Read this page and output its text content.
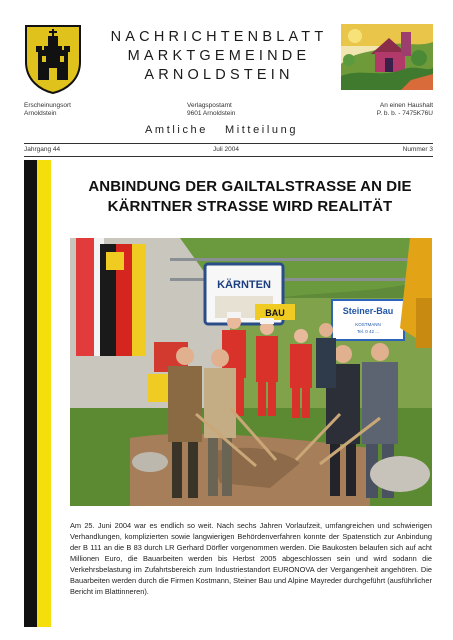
NACHRICHTENBLATT
MARKTGEMEINDE
ARNOLDSTEIN
Erscheinungsort
Arnoldstein
Verlagspostamt
9601 Arnoldstein
An einen Haushalt
P. b. b. - 7475K76U
Amtliche Mitteilung
Jahrgang 44	Juli 2004	Nummer 3
ANBINDUNG DER GAILTALSTRASSE AN DIE
KÄRNTNER STRASSE WIRD REALITÄT
KÄRNTEN
BAU	Steiner-Bau
KOSTMANN
Tel. 0 42 ...
Am 25. Juni 2004 war es endlich so weit. Nach sechs Jahren Vorlaufzeit, umfangreichen und schwierigen Verhandlungen, komplizierten sowie langwierigen Behördenverfahren konnte der Spatenstich zur Anbindung der B 111 an die B 83 durch LR Gerhard Dörfler vorgenommen werden. Die Baukosten belaufen sich auf acht Millionen Euro, die Bauarbeiten werden bis Herbst 2005 abgeschlossen sein und wird sodann die Verkehrsbelastung im Zufahrtsbereich zum Industriestandort EURONOVA der Vergangenheit angehören. Die Bauarbeiten werden durch die Firmen Kostmann, Steiner Bau und Alpine Mayreder durchgeführt (ausführlicher Bericht im Blattinneren).
